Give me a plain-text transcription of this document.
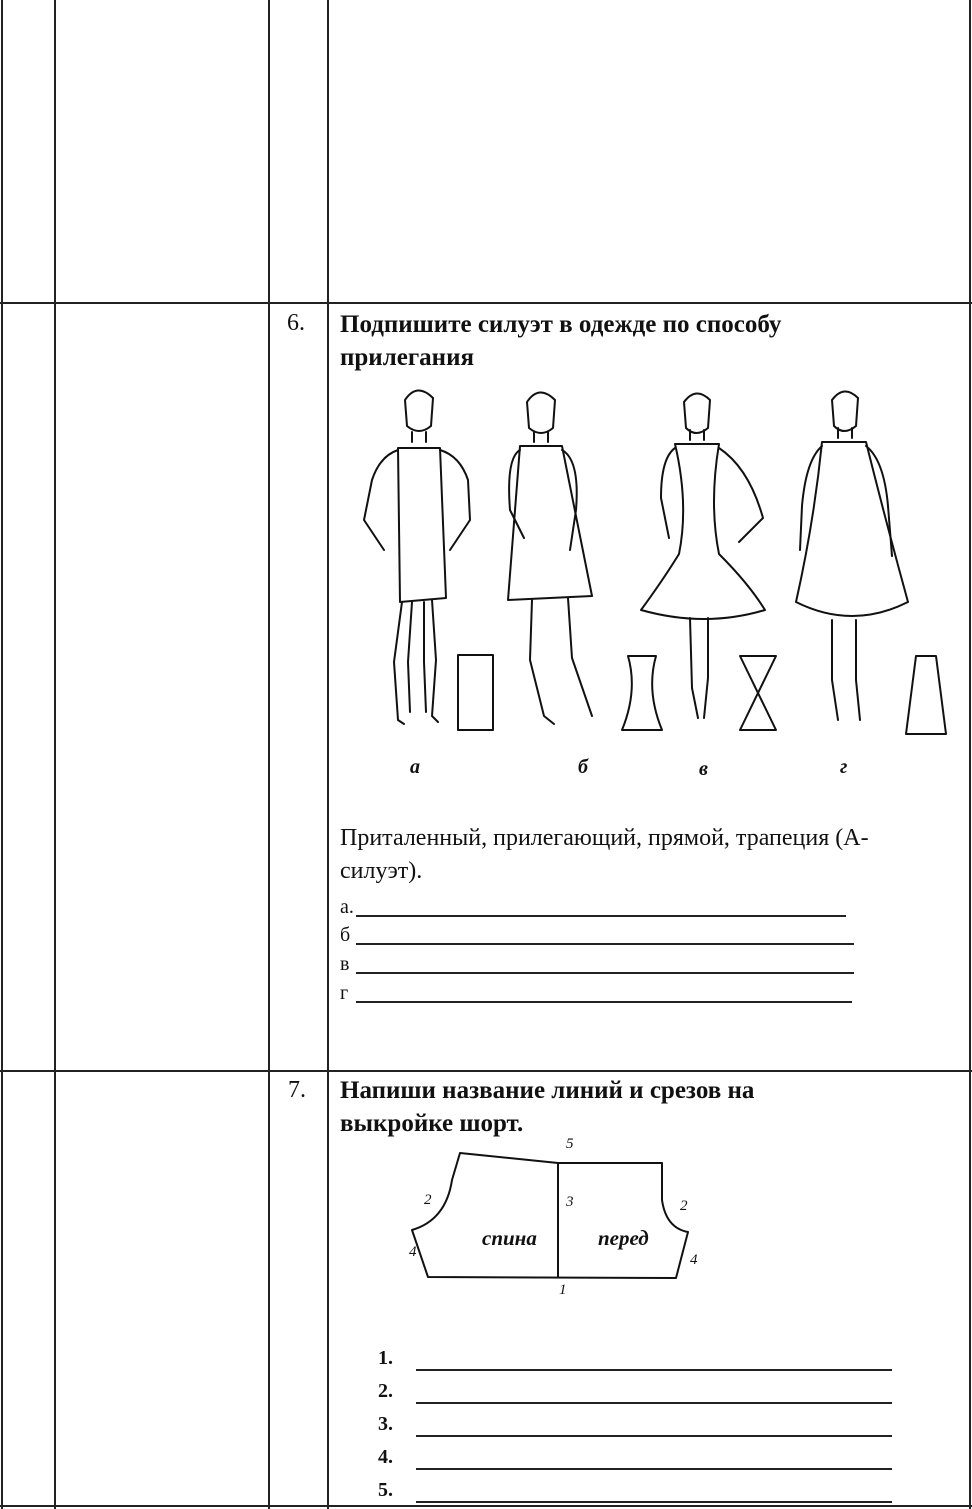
6. Подпишите силуэт в одежде по способу прилегания
а	б	в	г
Приталенный, прилегающий, прямой, трапеция (А-силуэт).
а.
б
в
г
7. Напиши название линий и срезов на выкройке шорт.
спина	перед
5
3
1
2	2
4	4
1.
2.
3.
4.
5.
